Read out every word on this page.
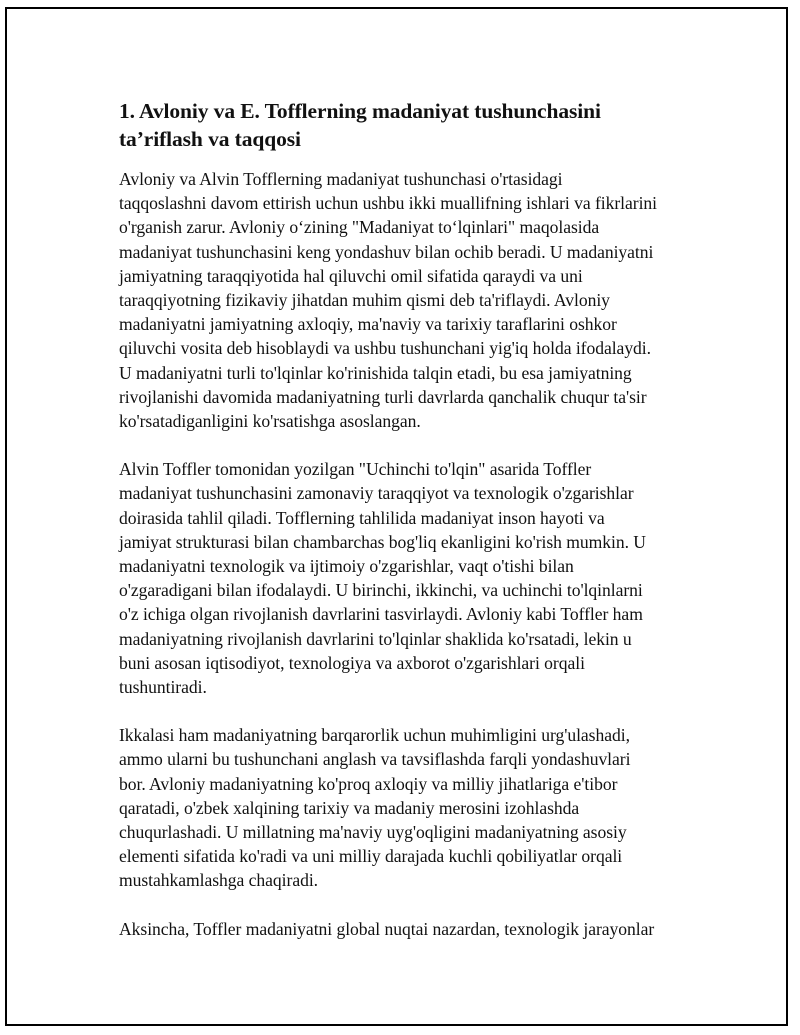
1. Avloniy va E. Tofflerning madaniyat tushunchasini
ta’riflash va taqqosi

Avloniy va Alvin Tofflerning madaniyat tushunchasi o'rtasidagi
taqqoslashni davom ettirish uchun ushbu ikki muallifning ishlari va fikrlarini
o'rganish zarur. Avloniy o‘zining "Madaniyat to‘lqinlari" maqolasida
madaniyat tushunchasini keng yondashuv bilan ochib beradi. U madaniyatni
jamiyatning taraqqiyotida hal qiluvchi omil sifatida qaraydi va uni
taraqqiyotning fizikaviy jihatdan muhim qismi deb ta'riflaydi. Avloniy
madaniyatni jamiyatning axloqiy, ma'naviy va tarixiy taraflarini oshkor
qiluvchi vosita deb hisoblaydi va ushbu tushunchani yig'iq holda ifodalaydi.
U madaniyatni turli to'lqinlar ko'rinishida talqin etadi, bu esa jamiyatning
rivojlanishi davomida madaniyatning turli davrlarda qanchalik chuqur ta'sir
ko'rsatadiganligini ko'rsatishga asoslangan.

Alvin Toffler tomonidan yozilgan "Uchinchi to'lqin" asarida Toffler
madaniyat tushunchasini zamonaviy taraqqiyot va texnologik o'zgarishlar
doirasida tahlil qiladi. Tofflerning tahlilida madaniyat inson hayoti va
jamiyat strukturasi bilan chambarchas bog'liq ekanligini ko'rish mumkin. U
madaniyatni texnologik va ijtimoiy o'zgarishlar, vaqt o'tishi bilan
o'zgaradigani bilan ifodalaydi. U birinchi, ikkinchi, va uchinchi to'lqinlarni
o'z ichiga olgan rivojlanish davrlarini tasvirlaydi. Avloniy kabi Toffler ham
madaniyatning rivojlanish davrlarini to'lqinlar shaklida ko'rsatadi, lekin u
buni asosan iqtisodiyot, texnologiya va axborot o'zgarishlari orqali
tushuntiradi.

Ikkalasi ham madaniyatning barqarorlik uchun muhimligini urg'ulashadi,
ammo ularni bu tushunchani anglash va tavsiflashda farqli yondashuvlari
bor. Avloniy madaniyatning ko'proq axloqiy va milliy jihatlariga e'tibor
qaratadi, o'zbek xalqining tarixiy va madaniy merosini izohlashda
chuqurlashadi. U millatning ma'naviy uyg'oqligini madaniyatning asosiy
elementi sifatida ko'radi va uni milliy darajada kuchli qobiliyatlar orqali
mustahkamlashga chaqiradi.

Aksincha, Toffler madaniyatni global nuqtai nazardan, texnologik jarayonlar
